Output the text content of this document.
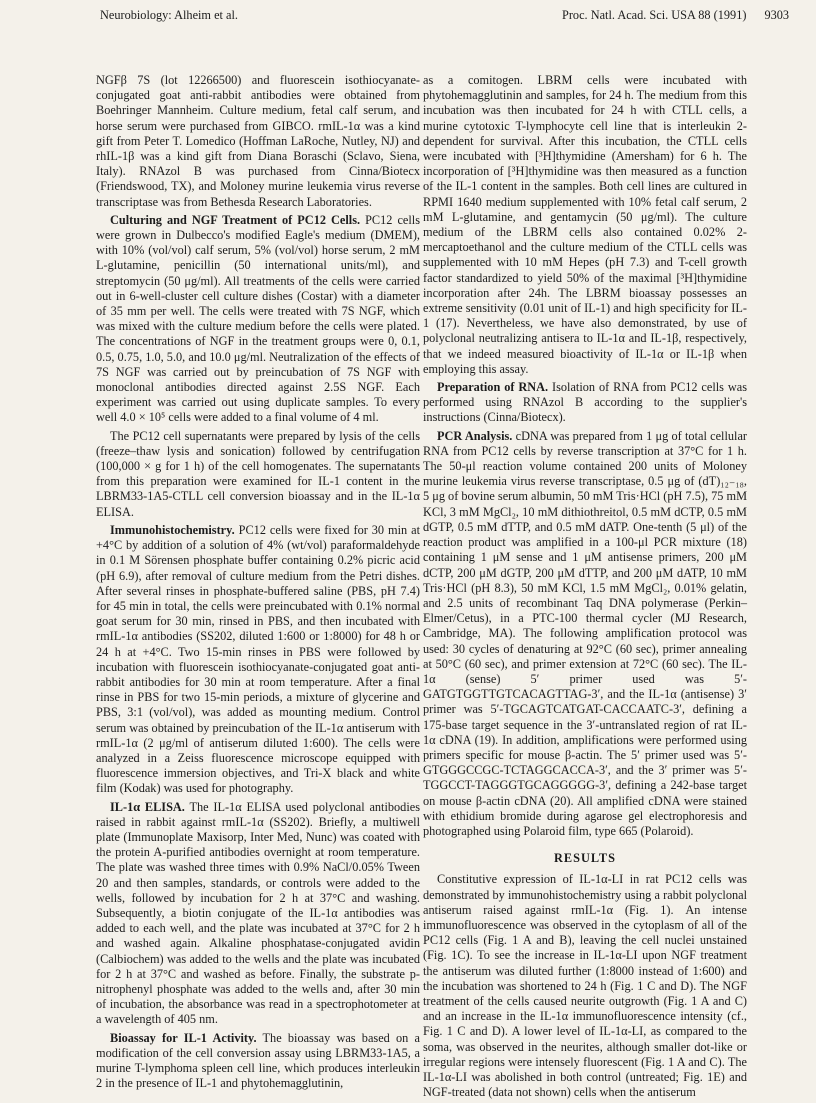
Neurobiology: Alheim et al.	Proc. Natl. Acad. Sci. USA 88 (1991) 9303

NGFβ 7S (lot 12266500) and fluorescein isothiocyanate-conjugated goat anti-rabbit antibodies were obtained from Boehringer Mannheim. Culture medium, fetal calf serum, and horse serum were purchased from GIBCO. rmIL-1α was a kind gift from Peter T. Lomedico (Hoffman LaRoche, Nutley, NJ) and rhIL-1β was a kind gift from Diana Boraschi (Sclavo, Siena, Italy). RNAzol B was purchased from Cinna/Biotecx (Friendswood, TX), and Moloney murine leukemia virus reverse transcriptase was from Bethesda Research Laboratories.

Culturing and NGF Treatment of PC12 Cells. PC12 cells were grown in Dulbecco's modified Eagle's medium (DMEM), with 10% (vol/vol) calf serum, 5% (vol/vol) horse serum, 2 mM L-glutamine, penicillin (50 international units/ml), and streptomycin (50 μg/ml). All treatments of the cells were carried out in 6-well-cluster cell culture dishes (Costar) with a diameter of 35 mm per well. The cells were treated with 7S NGF, which was mixed with the culture medium before the cells were plated. The concentrations of NGF in the treatment groups were 0, 0.1, 0.5, 0.75, 1.0, 5.0, and 10.0 μg/ml. Neutralization of the effects of 7S NGF was carried out by preincubation of 7S NGF with monoclonal antibodies directed against 2.5S NGF. Each experiment was carried out using duplicate samples. To every well 4.0 × 10⁵ cells were added to a final volume of 4 ml.

The PC12 cell supernatants were prepared by lysis of the cells (freeze–thaw lysis and sonication) followed by centrifugation (100,000 × g for 1 h) of the cell homogenates. The supernatants from this preparation were examined for IL-1 content in the LBRM33-1A5-CTLL cell conversion bioassay and in the IL-1α ELISA.

Immunohistochemistry. PC12 cells were fixed for 30 min at +4°C by addition of a solution of 4% (wt/vol) paraformaldehyde in 0.1 M Sörensen phosphate buffer containing 0.2% picric acid (pH 6.9), after removal of culture medium from the Petri dishes. After several rinses in phosphate-buffered saline (PBS, pH 7.4) for 45 min in total, the cells were preincubated with 0.1% normal goat serum for 30 min, rinsed in PBS, and then incubated with rmIL-1α antibodies (SS202, diluted 1:600 or 1:8000) for 48 h or 24 h at +4°C. Two 15-min rinses in PBS were followed by incubation with fluorescein isothiocyanate-conjugated goat anti-rabbit antibodies for 30 min at room temperature. After a final rinse in PBS for two 15-min periods, a mixture of glycerine and PBS, 3:1 (vol/vol), was added as mounting medium. Control serum was obtained by preincubation of the IL-1α antiserum with rmIL-1α (2 μg/ml of antiserum diluted 1:600). The cells were analyzed in a Zeiss fluorescence microscope equipped with fluorescence immersion objectives, and Tri-X black and white film (Kodak) was used for photography.

IL-1α ELISA. The IL-1α ELISA used polyclonal antibodies raised in rabbit against rmIL-1α (SS202). Briefly, a multiwell plate (Immunoplate Maxisorp, Inter Med, Nunc) was coated with the protein A-purified antibodies overnight at room temperature. The plate was washed three times with 0.9% NaCl/0.05% Tween 20 and then samples, standards, or controls were added to the wells, followed by incubation for 2 h at 37°C and washing. Subsequently, a biotin conjugate of the IL-1α antibodies was added to each well, and the plate was incubated at 37°C for 2 h and washed again. Alkaline phosphatase-conjugated avidin (Calbiochem) was added to the wells and the plate was incubated for 2 h at 37°C and washed as before. Finally, the substrate p-nitrophenyl phosphate was added to the wells and, after 30 min of incubation, the absorbance was read in a spectrophotometer at a wavelength of 405 nm.

Bioassay for IL-1 Activity. The bioassay was based on a modification of the cell conversion assay using LBRM33-1A5, a murine T-lymphoma spleen cell line, which produces interleukin 2 in the presence of IL-1 and phytohemagglutinin,

as a comitogen. LBRM cells were incubated with phytohemagglutinin and samples, for 24 h. The medium from this incubation was then incubated for 24 h with CTLL cells, a murine cytotoxic T-lymphocyte cell line that is interleukin 2-dependent for survival. After this incubation, the CTLL cells were incubated with [³H]thymidine (Amersham) for 6 h. The incorporation of [³H]thymidine was then measured as a function of the IL-1 content in the samples. Both cell lines are cultured in RPMI 1640 medium supplemented with 10% fetal calf serum, 2 mM L-glutamine, and gentamycin (50 μg/ml). The culture medium of the LBRM cells also contained 0.02% 2-mercaptoethanol and the culture medium of the CTLL cells was supplemented with 10 mM Hepes (pH 7.3) and T-cell growth factor standardized to yield 50% of the maximal [³H]thymidine incorporation after 24h. The LBRM bioassay possesses an extreme sensitivity (0.01 unit of IL-1) and high specificity for IL-1 (17). Nevertheless, we have also demonstrated, by use of polyclonal neutralizing antisera to IL-1α and IL-1β, respectively, that we indeed measured bioactivity of IL-1α or IL-1β when employing this assay.

Preparation of RNA. Isolation of RNA from PC12 cells was performed using RNAzol B according to the supplier's instructions (Cinna/Biotecx).

PCR Analysis. cDNA was prepared from 1 μg of total cellular RNA from PC12 cells by reverse transcription at 37°C for 1 h. The 50-μl reaction volume contained 200 units of Moloney murine leukemia virus reverse transcriptase, 0.5 μg of (dT)₁₂₋₁₈, 5 μg of bovine serum albumin, 50 mM Tris·HCl (pH 7.5), 75 mM KCl, 3 mM MgCl₂, 10 mM dithiothreitol, 0.5 mM dCTP, 0.5 mM dGTP, 0.5 mM dTTP, and 0.5 mM dATP. One-tenth (5 μl) of the reaction product was amplified in a 100-μl PCR mixture (18) containing 1 μM sense and 1 μM antisense primers, 200 μM dCTP, 200 μM dGTP, 200 μM dTTP, and 200 μM dATP, 10 mM Tris·HCl (pH 8.3), 50 mM KCl, 1.5 mM MgCl₂, 0.01% gelatin, and 2.5 units of recombinant Taq DNA polymerase (Perkin–Elmer/Cetus), in a PTC-100 thermal cycler (MJ Research, Cambridge, MA). The following amplification protocol was used: 30 cycles of denaturing at 92°C (60 sec), primer annealing at 50°C (60 sec), and primer extension at 72°C (60 sec). The IL-1α (sense) 5′ primer used was 5′-GATGTGGTTGTCACAGTTAG-3′, and the IL-1α (antisense) 3′ primer was 5′-TGCAGTCATGAT-CACCAATC-3′, defining a 175-base target sequence in the 3′-untranslated region of rat IL-1α cDNA (19). In addition, amplifications were performed using primers specific for mouse β-actin. The 5′ primer used was 5′-GTGGGCCGC-TCTAGGCACCA-3′, and the 3′ primer was 5′-TGGCCT-TAGGGTGCAGGGGG-3′, defining a 242-base target on mouse β-actin cDNA (20). All amplified cDNA were stained with ethidium bromide during agarose gel electrophoresis and photographed using Polaroid film, type 665 (Polaroid).

RESULTS

Constitutive expression of IL-1α-LI in rat PC12 cells was demonstrated by immunohistochemistry using a rabbit polyclonal antiserum raised against rmIL-1α (Fig. 1). An intense immunofluorescence was observed in the cytoplasm of all of the PC12 cells (Fig. 1 A and B), leaving the cell nuclei unstained (Fig. 1C). To see the increase in IL-1α-LI upon NGF treatment the antiserum was diluted further (1:8000 instead of 1:600) and the incubation was shortened to 24 h (Fig. 1 C and D). The NGF treatment of the cells caused neurite outgrowth (Fig. 1 A and C) and an increase in the IL-1α immunofluorescence intensity (cf., Fig. 1 C and D). A lower level of IL-1α-LI, as compared to the soma, was observed in the neurites, although smaller dot-like or irregular regions were intensely fluorescent (Fig. 1 A and C). The IL-1α-LI was abolished in both control (untreated; Fig. 1E) and NGF-treated (data not shown) cells when the antiserum
